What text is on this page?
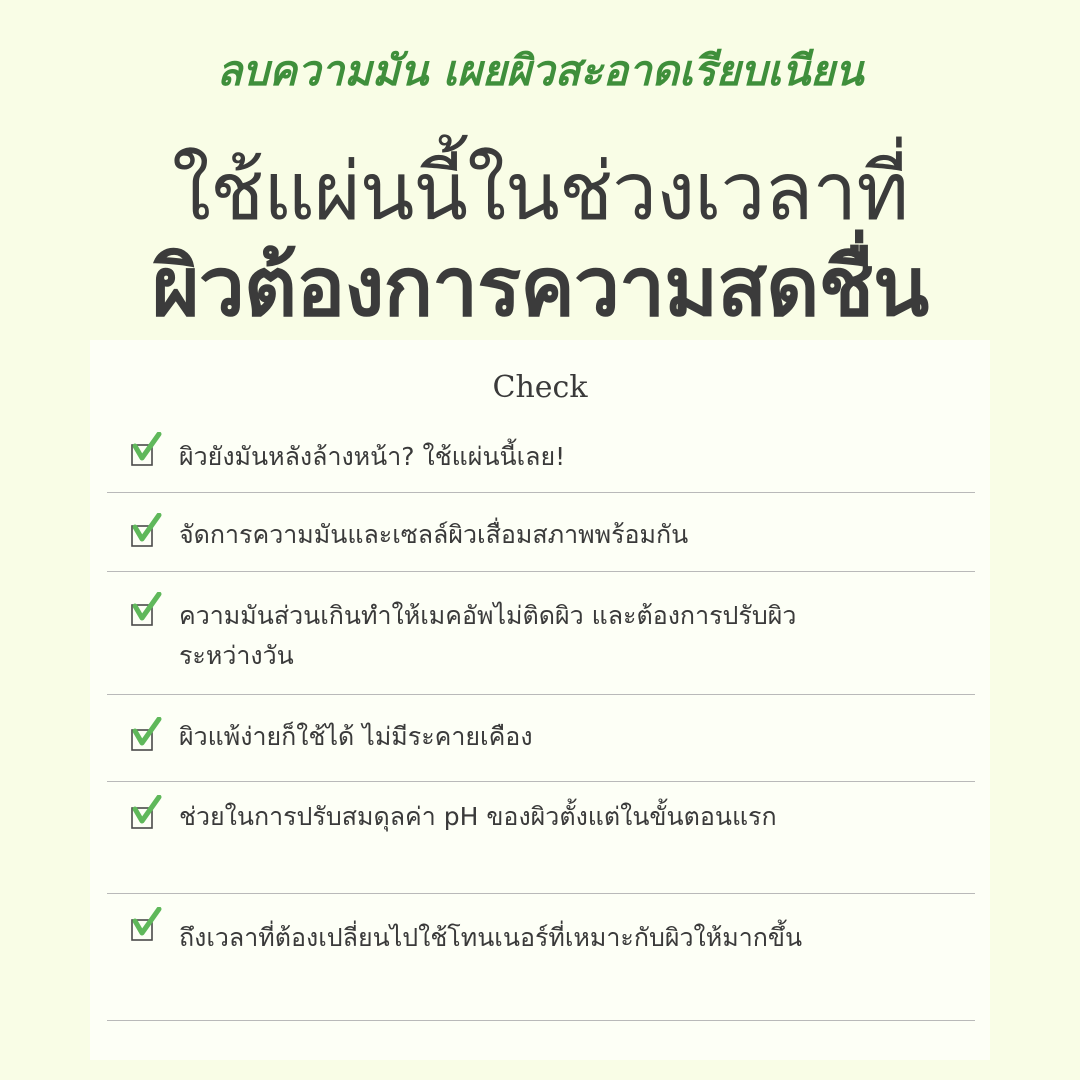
ลบความมัน เผยผิวสะอาดเรียบเนียน
ใช้แผ่นนี้ในช่วงเวลาที่
ผิวต้องการความสดชื่น
Check
ผิวยังมันหลังล้างหน้า? ใช้แผ่นนี้เลย!
จัดการความมันและเซลล์ผิวเสื่อมสภาพพร้อมกัน
ความมันส่วนเกินทำให้เมคอัพไม่ติดผิว และต้องการปรับผิวระหว่างวัน
ผิวแพ้ง่ายก็ใช้ได้ ไม่มีระคายเคือง
ช่วยในการปรับสมดุลค่า pH ของผิวตั้งแต่ในขั้นตอนแรก
ถึงเวลาที่ต้องเปลี่ยนไปใช้โทนเนอร์ที่เหมาะกับผิวให้มากขึ้น
